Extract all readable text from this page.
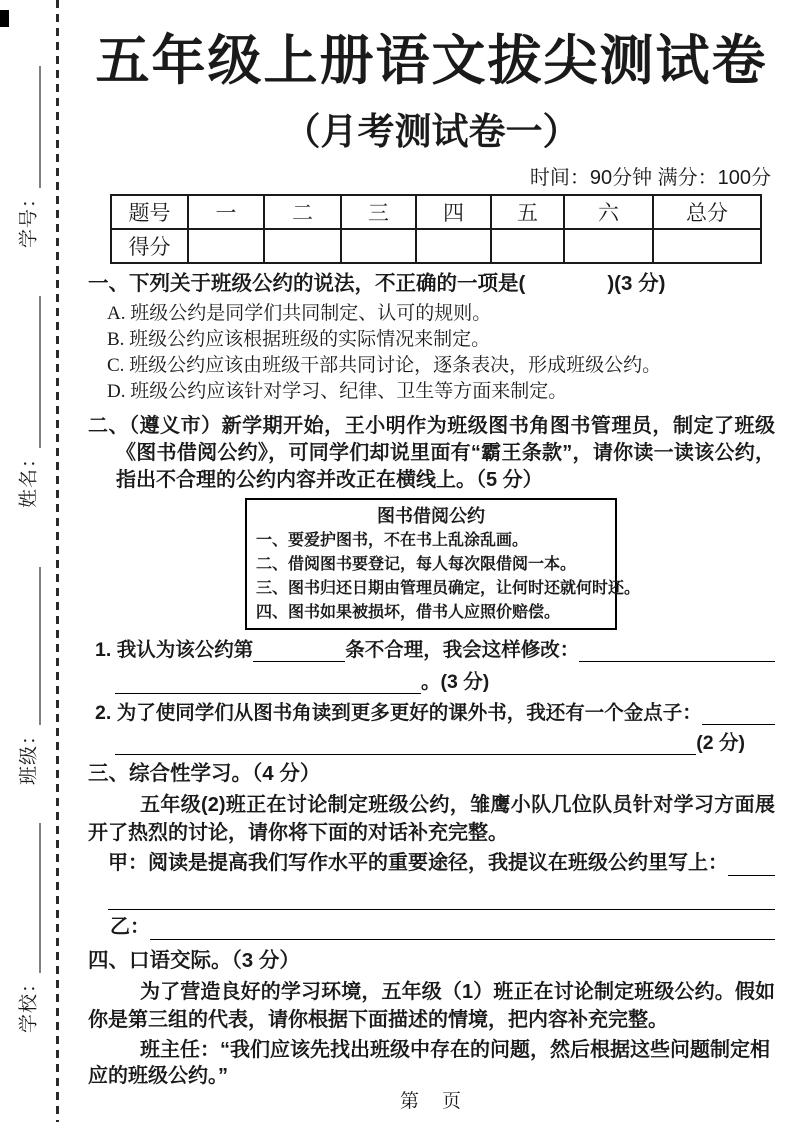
学号：
姓名：
班级：
学校：
五年级上册语文拔尖测试卷
（月考测试卷一）
时间：90分钟 满分：100分
题号	一	二	三	四	五	六	总分
得分							
一、下列关于班级公约的说法，不正确的一项是(　　　　)(3 分)
A. 班级公约是同学们共同制定、认可的规则。
B. 班级公约应该根据班级的实际情况来制定。
C. 班级公约应该由班级干部共同讨论，逐条表决，形成班级公约。
D. 班级公约应该针对学习、纪律、卫生等方面来制定。
二、（遵义市）新学期开始，王小明作为班级图书角图书管理员，制定了班级《图书借阅公约》，可同学们却说里面有“霸王条款”，请你读一读该公约，指出不合理的公约内容并改正在横线上。（5 分）
图书借阅公约
一、要爱护图书，不在书上乱涂乱画。
二、借阅图书要登记，每人每次限借阅一本。
三、图书归还日期由管理员确定，让何时还就何时还。
四、图书如果被损坏，借书人应照价赔偿。
1.
我认为该公约第	条不合理，我会这样修改：
。(3 分)
2.
为了使同学们从图书角读到更多更好的课外书，我还有一个金点子：
(2 分)
三、综合性学习。（4 分）
五年级(2)班正在讨论制定班级公约，雏鹰小队几位队员针对学习方面展开了热烈的讨论，请你将下面的对话补充完整。
甲：阅读是提高我们写作水平的重要途径，我提议在班级公约里写上：
乙：
四、口语交际。（3 分）
为了营造良好的学习环境，五年级（1）班正在讨论制定班级公约。假如你是第三组的代表，请你根据下面描述的情境，把内容补充完整。
班主任：“我们应该先找出班级中存在的问题，然后根据这些问题制定相应的班级公约。”
第　页
